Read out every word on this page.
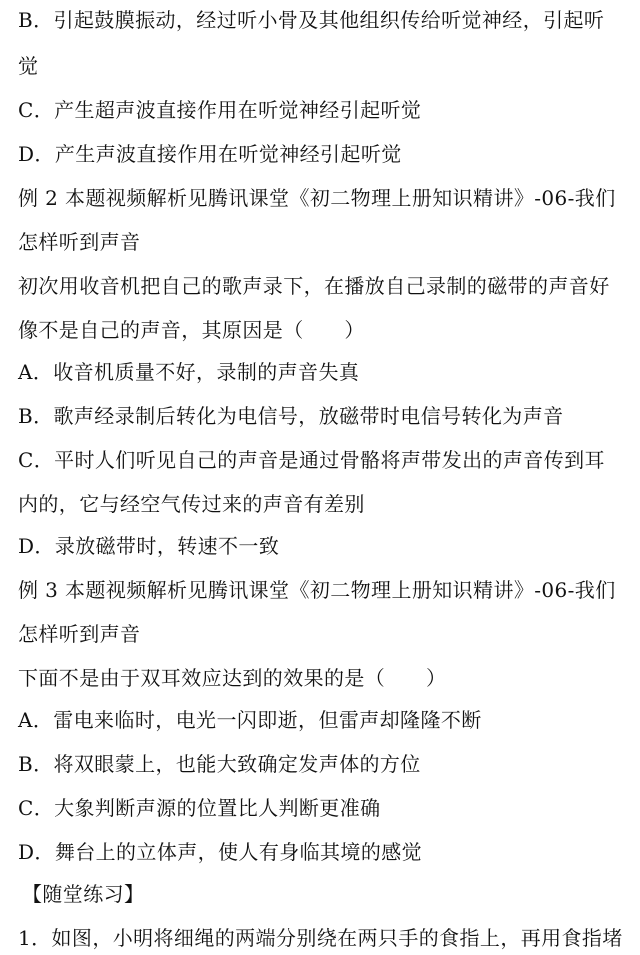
B．引起鼓膜振动，经过听小骨及其他组织传给听觉神经，引起听
觉
C．产生超声波直接作用在听觉神经引起听觉
D．产生声波直接作用在听觉神经引起听觉
例 2 本题视频解析见腾讯课堂《初二物理上册知识精讲》-06-我们
怎样听到声音
初次用收音机把自己的歌声录下，在播放自己录制的磁带的声音好
像不是自己的声音，其原因是（　　）
A．收音机质量不好，录制的声音失真
B．歌声经录制后转化为电信号，放磁带时电信号转化为声音
C．平时人们听见自己的声音是通过骨骼将声带发出的声音传到耳
内的，它与经空气传过来的声音有差别
D．录放磁带时，转速不一致
例 3 本题视频解析见腾讯课堂《初二物理上册知识精讲》-06-我们
怎样听到声音
下面不是由于双耳效应达到的效果的是（　　）
A．雷电来临时，电光一闪即逝，但雷声却隆隆不断
B．将双眼蒙上，也能大致确定发声体的方位
C．大象判断声源的位置比人判断更准确
D．舞台上的立体声，使人有身临其境的感觉
【随堂练习】
1．如图，小明将细绳的两端分别绕在两只手的食指上，再用食指堵
